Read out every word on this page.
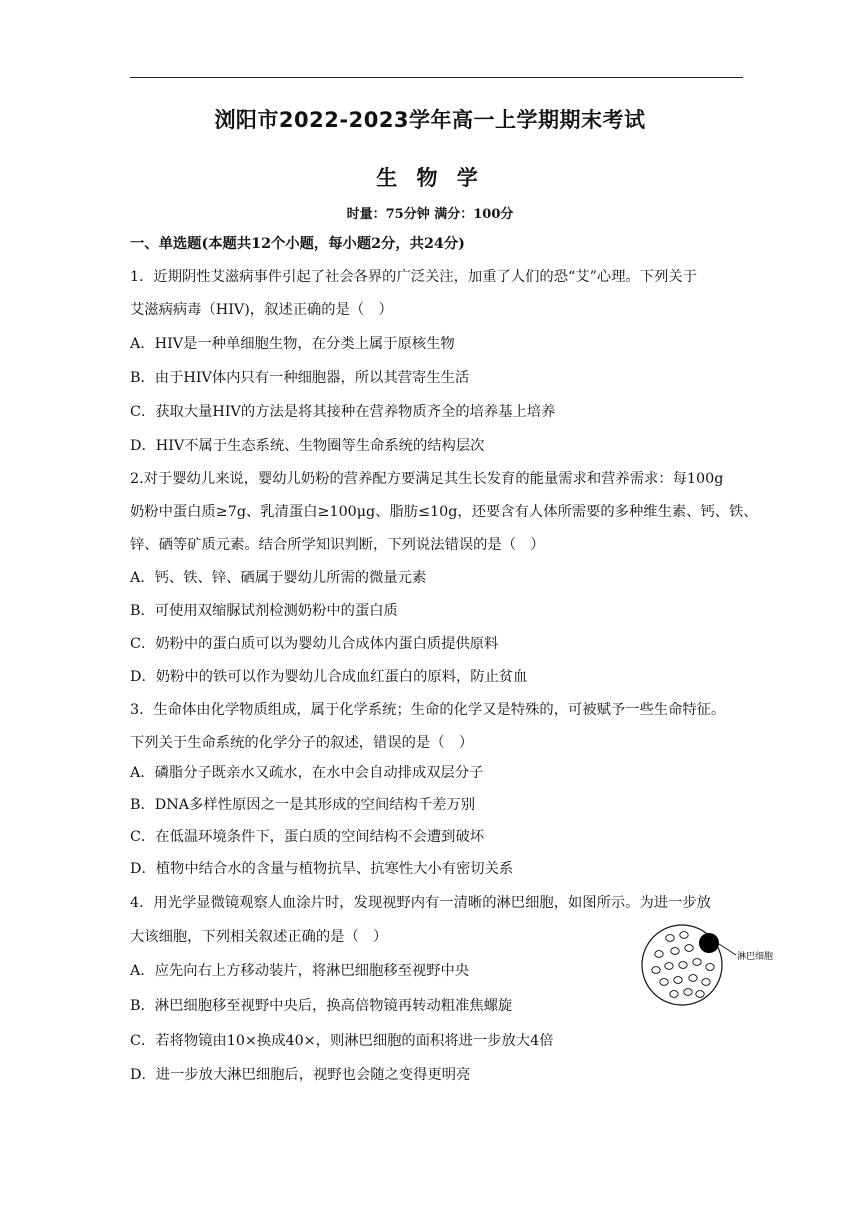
浏阳市2022-2023学年高一上学期期末考试
生 物 学
时量：75分钟 满分：100分
一、单选题(本题共12个小题，每小题2分，共24分)
1．近期阴性艾滋病事件引起了社会各界的广泛关注，加重了人们的恐“艾”心理。下列关于
艾滋病病毒（HIV)，叙述正确的是（　）
A．HIV是一种单细胞生物，在分类上属于原核生物
B．由于HIV体内只有一种细胞器，所以其营寄生生活
C．获取大量HIV的方法是将其接种在营养物质齐全的培养基上培养
D．HIV不属于生态系统、生物圈等生命系统的结构层次
2.对于婴幼儿来说，婴幼儿奶粉的营养配方要满足其生长发育的能量需求和营养需求：每100g
奶粉中蛋白质≥7g、乳清蛋白≥100μg、脂肪≤10g，还要含有人体所需要的多种维生素、钙、铁、
锌、硒等矿质元素。结合所学知识判断，下列说法错误的是（　）
A．钙、铁、锌、硒属于婴幼儿所需的微量元素
B．可使用双缩脲试剂检测奶粉中的蛋白质
C．奶粉中的蛋白质可以为婴幼儿合成体内蛋白质提供原料
D．奶粉中的铁可以作为婴幼儿合成血红蛋白的原料，防止贫血
3．生命体由化学物质组成，属于化学系统；生命的化学又是特殊的，可被赋予一些生命特征。
下列关于生命系统的化学分子的叙述，错误的是（　）
A．磷脂分子既亲水又疏水，在水中会自动排成双层分子
B．DNA多样性原因之一是其形成的空间结构千差万别
C．在低温环境条件下，蛋白质的空间结构不会遭到破坏
D．植物中结合水的含量与植物抗旱、抗寒性大小有密切关系
4．用光学显微镜观察人血涂片时，发现视野内有一清晰的淋巴细胞，如图所示。为进一步放
大该细胞，下列相关叙述正确的是（　）
A．应先向右上方移动装片，将淋巴细胞移至视野中央
B．淋巴细胞移至视野中央后，换高倍物镜再转动粗准焦螺旋
C．若将物镜由10×换成40×，则淋巴细胞的面积将进一步放大4倍
D．进一步放大淋巴细胞后，视野也会随之变得更明亮
淋巴细胞
